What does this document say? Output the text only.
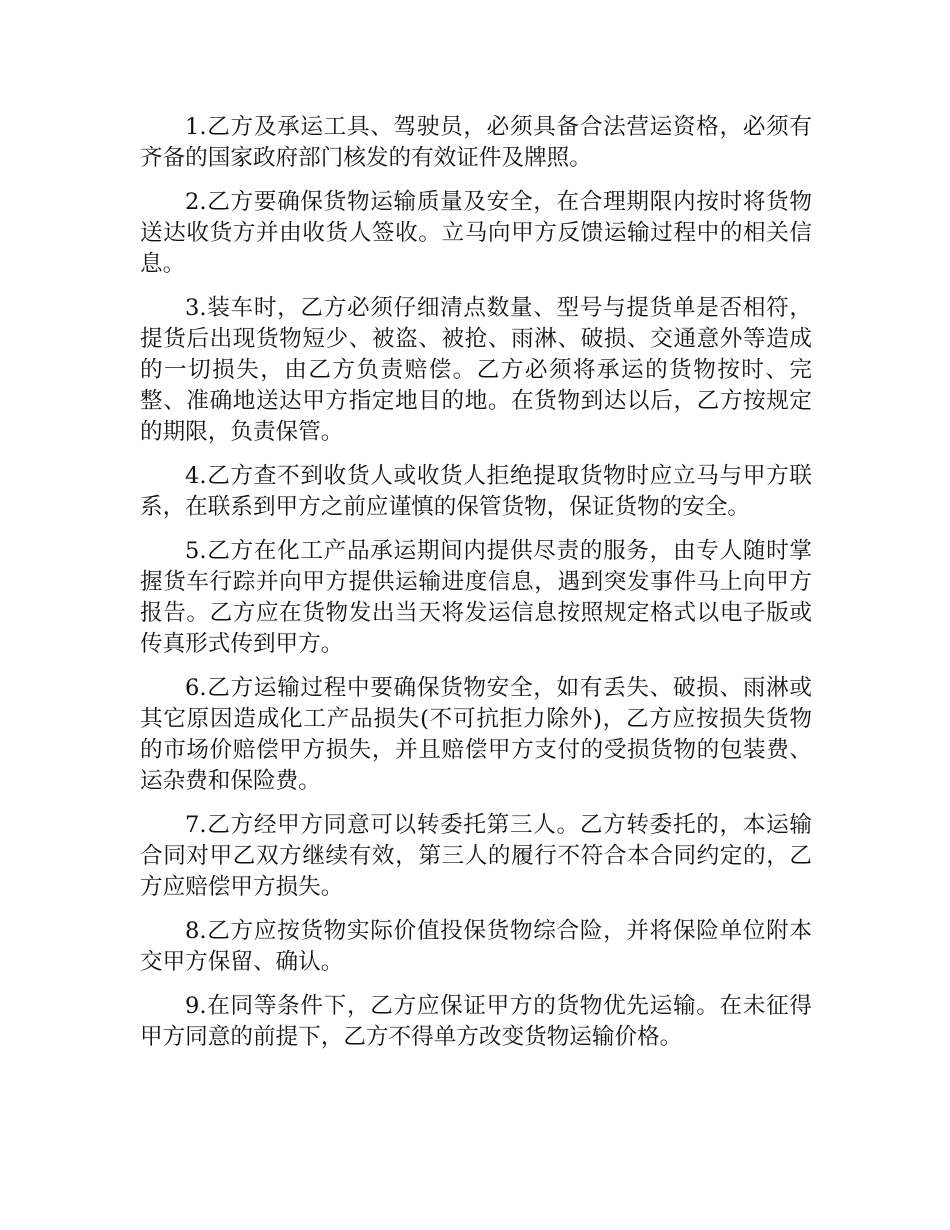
1.乙方及承运工具、驾驶员，必须具备合法营运资格，必须有齐备的国家政府部门核发的有效证件及牌照。

2.乙方要确保货物运输质量及安全，在合理期限内按时将货物送达收货方并由收货人签收。立马向甲方反馈运输过程中的相关信息。

3.装车时，乙方必须仔细清点数量、型号与提货单是否相符，提货后出现货物短少、被盗、被抢、雨淋、破损、交通意外等造成的一切损失，由乙方负责赔偿。乙方必须将承运的货物按时、完整、准确地送达甲方指定地目的地。在货物到达以后，乙方按规定的期限，负责保管。

4.乙方查不到收货人或收货人拒绝提取货物时应立马与甲方联系，在联系到甲方之前应谨慎的保管货物，保证货物的安全。

5.乙方在化工产品承运期间内提供尽责的服务，由专人随时掌握货车行踪并向甲方提供运输进度信息，遇到突发事件马上向甲方报告。乙方应在货物发出当天将发运信息按照规定格式以电子版或传真形式传到甲方。

6.乙方运输过程中要确保货物安全，如有丢失、破损、雨淋或其它原因造成化工产品损失(不可抗拒力除外)，乙方应按损失货物的市场价赔偿甲方损失，并且赔偿甲方支付的受损货物的包装费、运杂费和保险费。

7.乙方经甲方同意可以转委托第三人。乙方转委托的，本运输合同对甲乙双方继续有效，第三人的履行不符合本合同约定的，乙方应赔偿甲方损失。

8.乙方应按货物实际价值投保货物综合险，并将保险单位附本交甲方保留、确认。

9.在同等条件下，乙方应保证甲方的货物优先运输。在未征得甲方同意的前提下，乙方不得单方改变货物运输价格。
